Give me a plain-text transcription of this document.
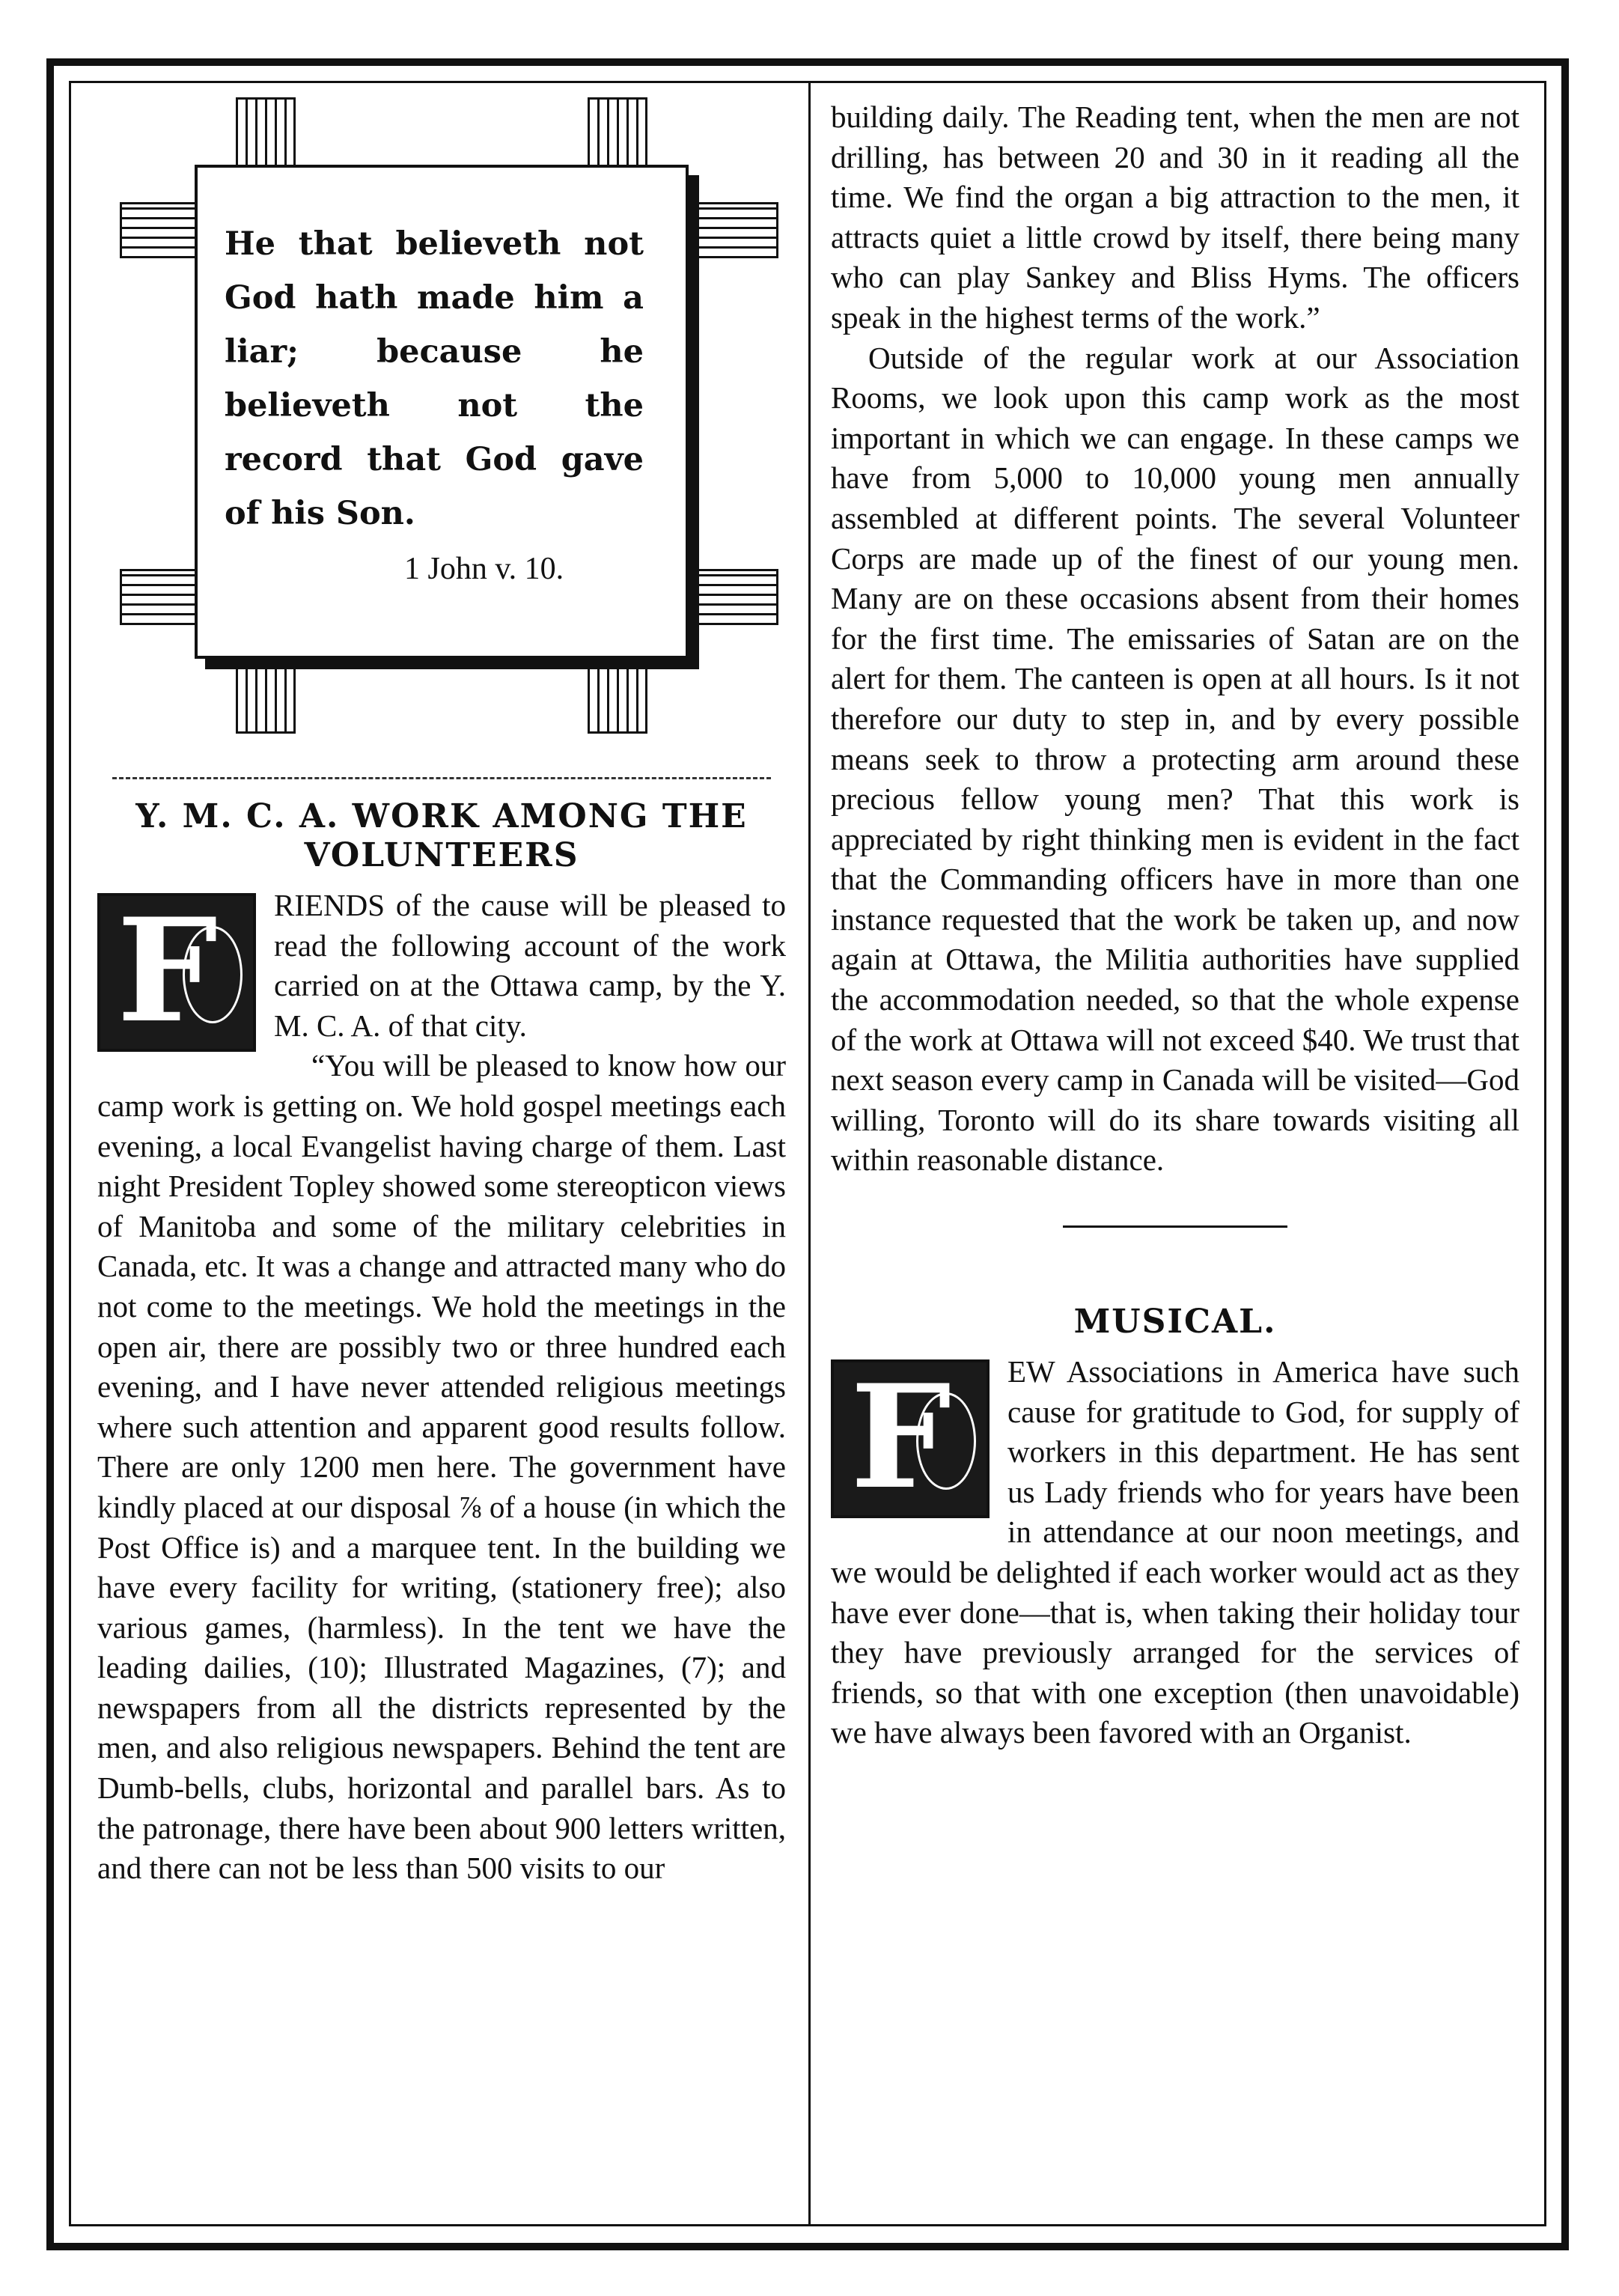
He that believeth not God hath made him a liar; because he believeth not the record that God gave of his Son.

1 John v. 10.

Y. M. C. A. WORK AMONG THE VOLUNTEERS
F	RIENDS of the cause will be pleased to read the following account of the work carried on at the Ottawa camp, by the Y. M. C. A. of that city.

“You will be pleased to know how our camp work is getting on. We hold gospel meetings each evening, a local Evangelist having charge of them. Last night President Topley showed some stereopticon views of Manitoba and some of the military celebrities in Canada, etc. It was a change and attracted many who do not come to the meetings. We hold the meetings in the open air, there are possibly two or three hundred each evening, and I have never attended religious meetings where such attention and apparent good results follow. There are only 1200 men here. The government have kindly placed at our disposal ⅞ of a house (in which the Post Office is) and a marquee tent. In the building we have every facility for writing, (stationery free); also various games, (harmless). In the tent we have the leading dailies, (10); Illustrated Magazines, (7); and newspapers from all the districts represented by the men, and also religious newspapers. Behind the tent are Dumb-bells, clubs, horizontal and parallel bars. As to the patronage, there have been about 900 letters written, and there can not be less than 500 visits to our

building daily. The Reading tent, when the men are not drilling, has between 20 and 30 in it reading all the time. We find the organ a big attraction to the men, it attracts quiet a little crowd by itself, there being many who can play Sankey and Bliss Hyms. The officers speak in the highest terms of the work.”

Outside of the regular work at our Association Rooms, we look upon this camp work as the most important in which we can engage. In these camps we have from 5,000 to 10,000 young men annually assembled at different points. The several Volunteer Corps are made up of the finest of our young men. Many are on these occasions absent from their homes for the first time. The emissaries of Satan are on the alert for them. The canteen is open at all hours. Is it not therefore our duty to step in, and by every possible means seek to throw a protecting arm around these precious fellow young men? That this work is appreciated by right thinking men is evident in the fact that the Commanding officers have in more than one instance requested that the work be taken up, and now again at Ottawa, the Militia authorities have supplied the accommodation needed, so that the whole expense of the work at Ottawa will not exceed $40. We trust that next season every camp in Canada will be visited—God willing, Toronto will do its share towards visiting all within reasonable distance.

MUSICAL.
F	EW Associations in America have such cause for gratitude to God, for supply of workers in this department. He has sent us Lady friends who for years have been in attendance at our noon meetings, and we would be delighted if each worker would act as they have ever done—that is, when taking their holiday tour they have previously arranged for the services of friends, so that with one exception (then unavoidable) we have always been favored with an Organist.
